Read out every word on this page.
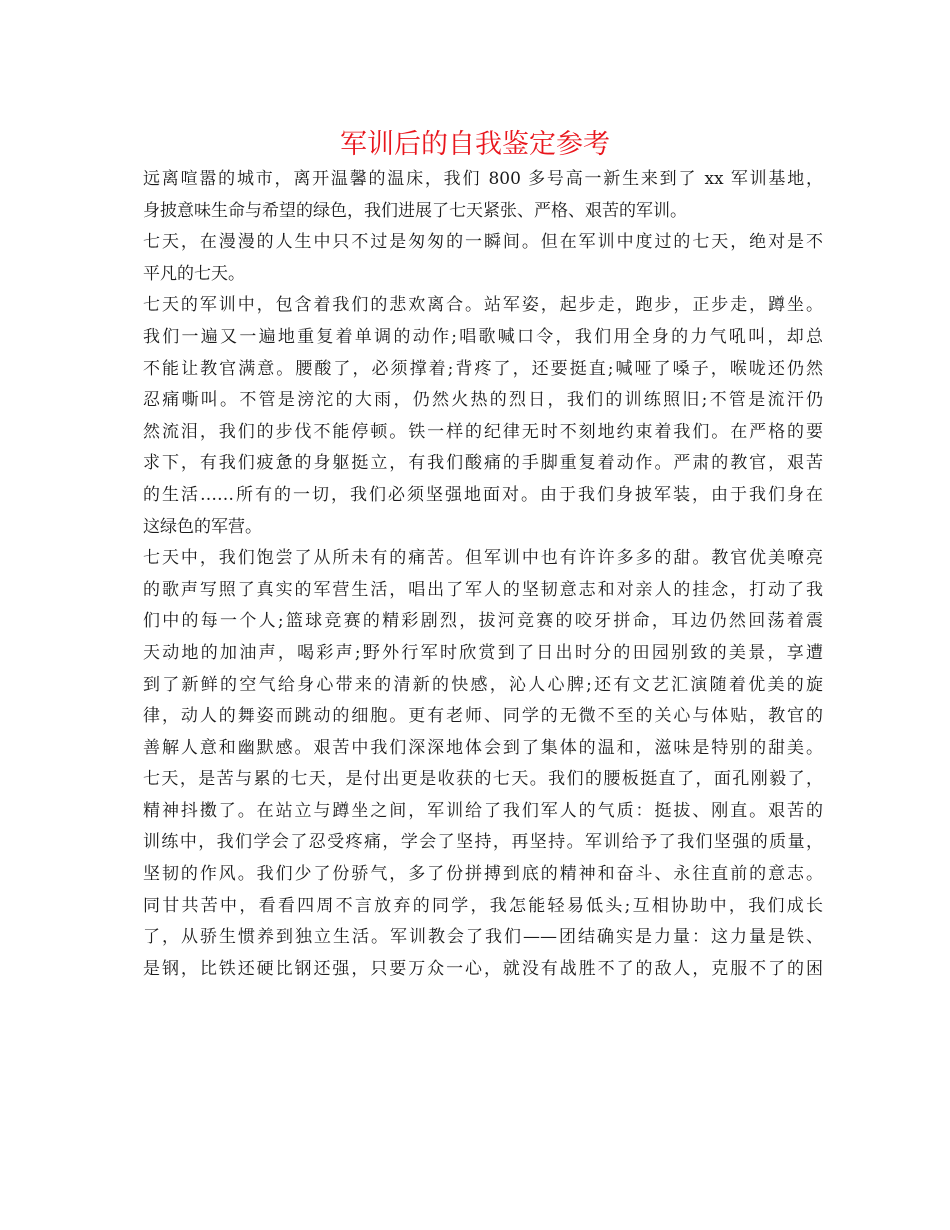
军训后的自我鉴定参考
远离喧嚣的城市，离开温馨的温床，我们 800 多号高一新生来到了 xx 军训基地，
身披意味生命与希望的绿色，我们进展了七天紧张、严格、艰苦的军训。
七天，在漫漫的人生中只不过是匆匆的一瞬间。但在军训中度过的七天，绝对是不
平凡的七天。
七天的军训中，包含着我们的悲欢离合。站军姿，起步走，跑步，正步走，蹲坐。
我们一遍又一遍地重复着单调的动作;唱歌喊口令，我们用全身的力气吼叫，却总
不能让教官满意。腰酸了，必须撑着;背疼了，还要挺直;喊哑了嗓子，喉咙还仍然
忍痛嘶叫。不管是滂沱的大雨，仍然火热的烈日，我们的训练照旧;不管是流汗仍
然流泪，我们的步伐不能停顿。铁一样的纪律无时不刻地约束着我们。在严格的要
求下，有我们疲惫的身躯挺立，有我们酸痛的手脚重复着动作。严肃的教官，艰苦
的生活……所有的一切，我们必须坚强地面对。由于我们身披军装，由于我们身在
这绿色的军营。
七天中，我们饱尝了从所未有的痛苦。但军训中也有许许多多的甜。教官优美嘹亮
的歌声写照了真实的军营生活，唱出了军人的坚韧意志和对亲人的挂念，打动了我
们中的每一个人;篮球竞赛的精彩剧烈，拔河竞赛的咬牙拼命，耳边仍然回荡着震
天动地的加油声，喝彩声;野外行军时欣赏到了日出时分的田园别致的美景，享遭
到了新鲜的空气给身心带来的清新的快感，沁人心脾;还有文艺汇演随着优美的旋
律，动人的舞姿而跳动的细胞。更有老师、同学的无微不至的关心与体贴，教官的
善解人意和幽默感。艰苦中我们深深地体会到了集体的温和，滋味是特别的甜美。
七天，是苦与累的七天，是付出更是收获的七天。我们的腰板挺直了，面孔刚毅了，
精神抖擞了。在站立与蹲坐之间，军训给了我们军人的气质：挺拔、刚直。艰苦的
训练中，我们学会了忍受疼痛，学会了坚持，再坚持。军训给予了我们坚强的质量，
坚韧的作风。我们少了份骄气，多了份拼搏到底的精神和奋斗、永往直前的意志。
同甘共苦中，看看四周不言放弃的同学，我怎能轻易低头;互相协助中，我们成长
了，从骄生惯养到独立生活。军训教会了我们——团结确实是力量：这力量是铁、
是钢，比铁还硬比钢还强，只要万众一心，就没有战胜不了的敌人，克服不了的困
